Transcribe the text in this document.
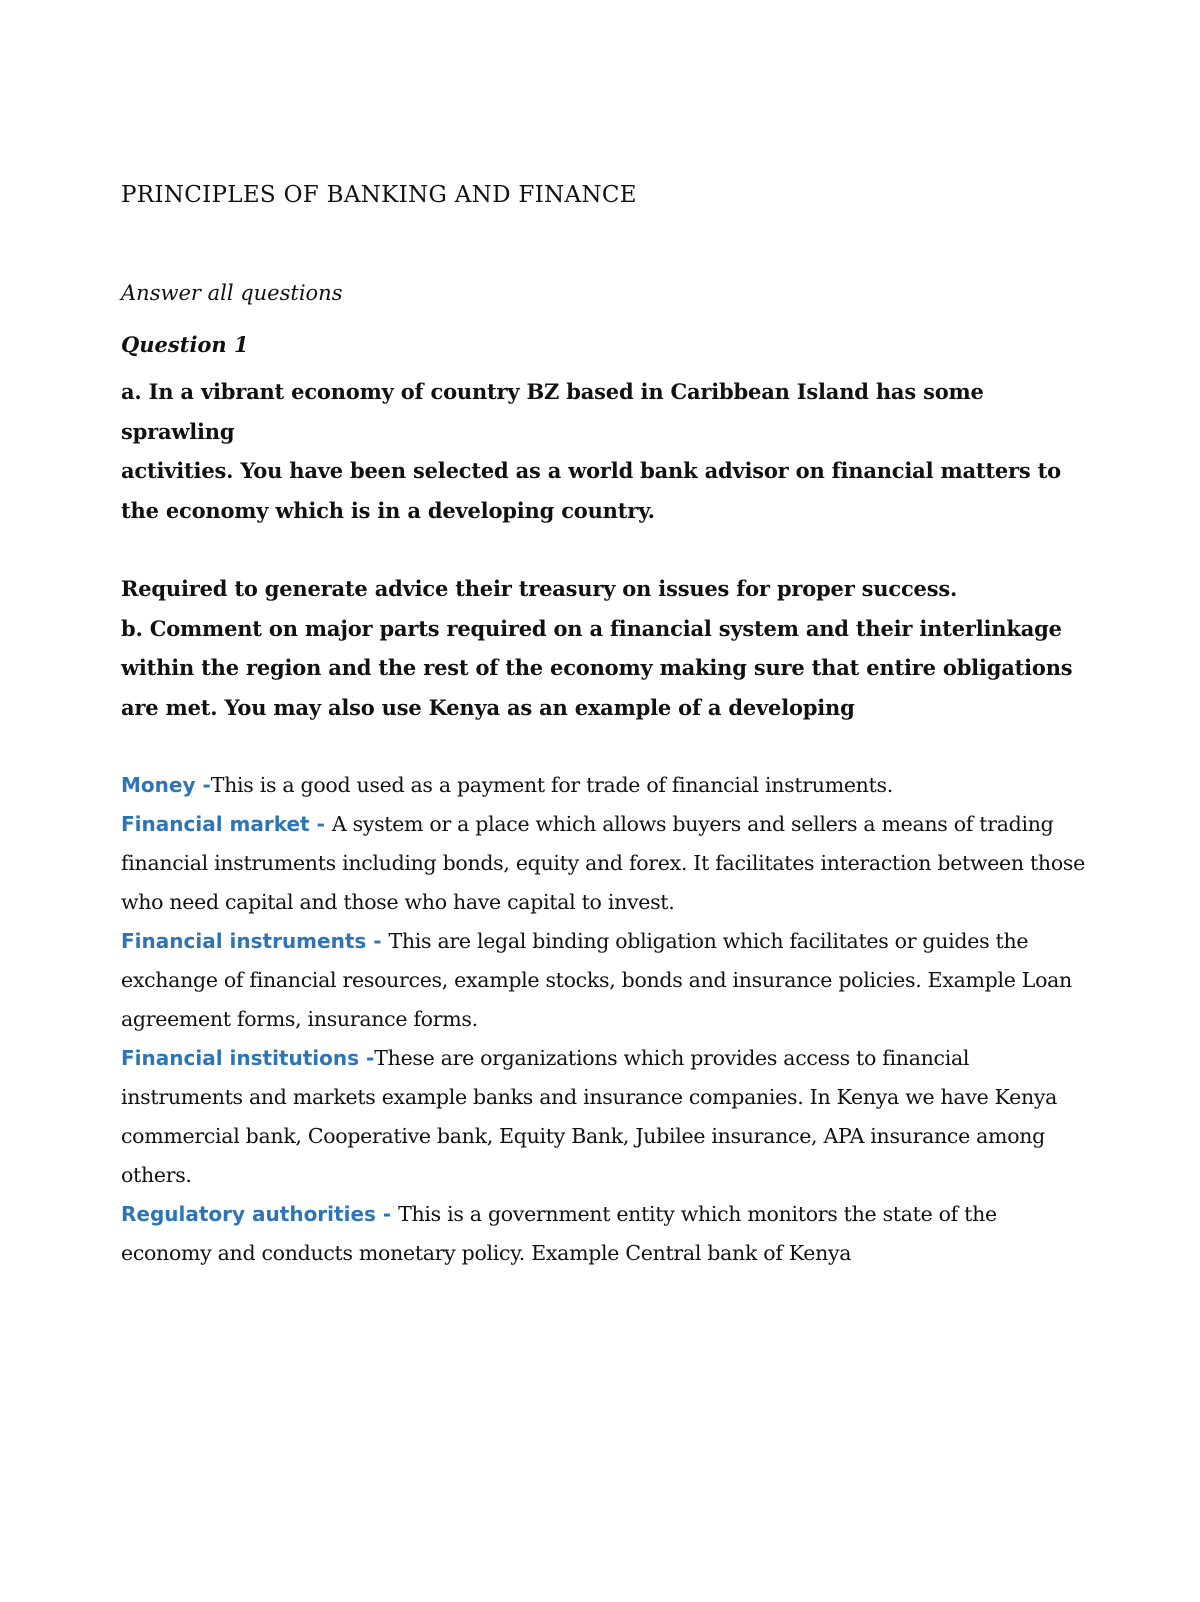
PRINCIPLES OF BANKING AND FINANCE

Answer all questions

Question 1

a. In a vibrant economy of country BZ based in Caribbean Island has some
sprawling
activities. You have been selected as a world bank advisor on financial matters to
the economy which is in a developing country.
Required to generate advice their treasury on issues for proper success.
b. Comment on major parts required on a financial system and their interlinkage
within the region and the rest of the economy making sure that entire obligations
are met. You may also use Kenya as an example of a developing

Money -This is a good used as a payment for trade of financial instruments.

Financial market - A system or a place which allows buyers and sellers a means of trading financial instruments including bonds, equity and forex. It facilitates interaction between those who need capital and those who have capital to invest.

Financial instruments - This are legal binding obligation which facilitates or guides the exchange of financial resources, example stocks, bonds and insurance policies. Example Loan agreement forms, insurance forms.

Financial institutions -These are organizations which provides access to financial instruments and markets example banks and insurance companies. In Kenya we have Kenya commercial bank, Cooperative bank, Equity Bank, Jubilee insurance, APA insurance among others.

Regulatory authorities - This is a government entity which monitors the state of the economy and conducts monetary policy. Example Central bank of Kenya
